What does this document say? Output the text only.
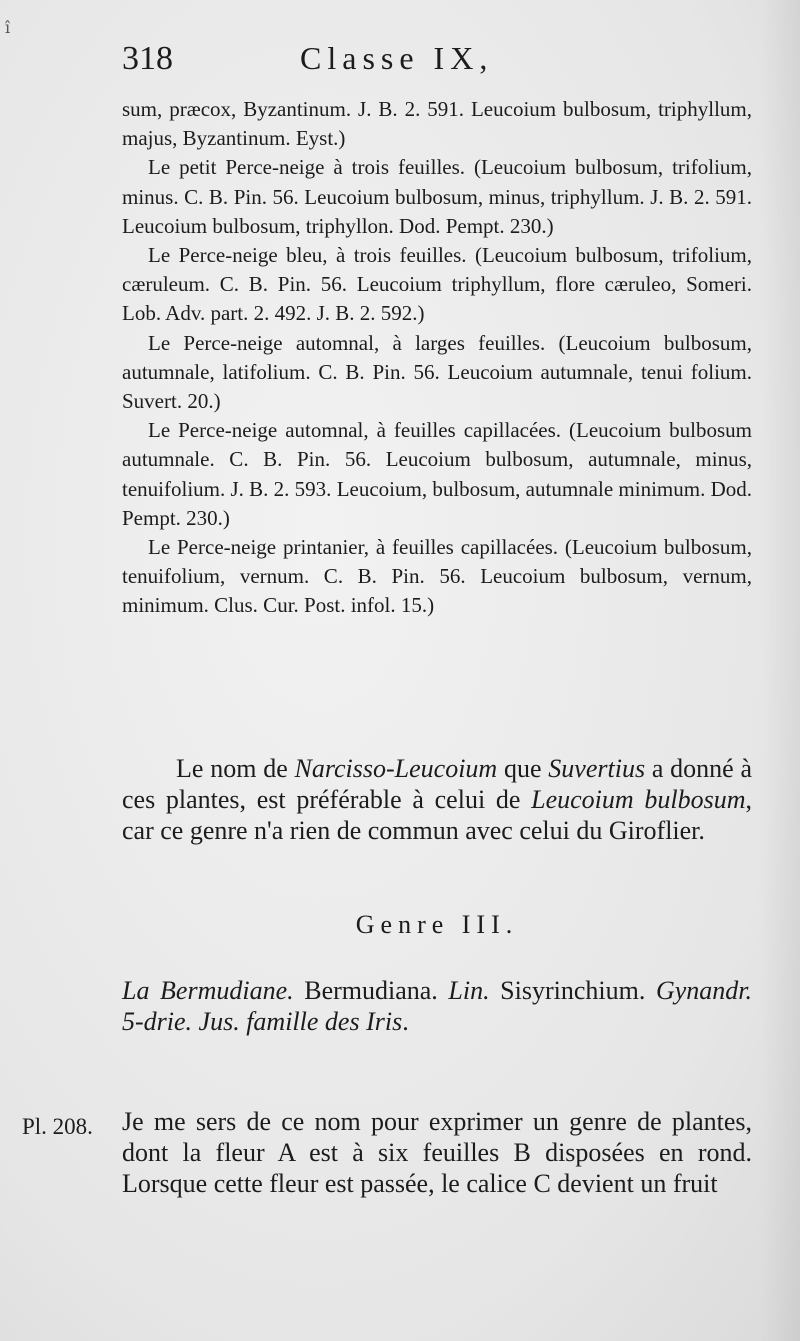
î
318	Classe IX,

sum, præcox, Byzantinum. J. B. 2. 591. Leucoium bulbosum, triphyllum, majus, Byzantinum. Eyst.)

Le petit Perce-neige à trois feuilles. (Leucoium bulbosum, trifolium, minus. C. B. Pin. 56. Leucoium bulbosum, minus, triphyllum. J. B. 2. 591. Leucoium bulbosum, triphyllon. Dod. Pempt. 230.)

Le Perce-neige bleu, à trois feuilles. (Leucoium bulbosum, trifolium, cæruleum. C. B. Pin. 56. Leucoium triphyllum, flore cæruleo, Someri. Lob. Adv. part. 2. 492. J. B. 2. 592.)

Le Perce-neige automnal, à larges feuilles. (Leucoium bulbosum, autumnale, latifolium. C. B. Pin. 56. Leucoium autumnale, tenui folium. Suvert. 20.)

Le Perce-neige automnal, à feuilles capillacées. (Leucoium bulbosum autumnale. C. B. Pin. 56. Leucoium bulbosum, autumnale, minus, tenuifolium. J. B. 2. 593. Leucoium, bulbosum, autumnale minimum. Dod. Pempt. 230.)

Le Perce-neige printanier, à feuilles capillacées. (Leucoium bulbosum, tenuifolium, vernum. C. B. Pin. 56. Leucoium bulbosum, vernum, minimum. Clus. Cur. Post. infol. 15.)

Le nom de Narcisso-Leucoium que Suvertius a donné à ces plantes, est préférable à celui de Leucoium bulbosum, car ce genre n'a rien de commun avec celui du Giroflier.

Genre III.

La Bermudiane. Bermudiana. Lin. Sisyrinchium. Gynandr. 5-drie. Jus. famille des Iris.

Pl. 208. Je me sers de ce nom pour exprimer un genre de plantes, dont la fleur A est à six feuilles B disposées en rond. Lorsque cette fleur est passée, le calice C devient un fruit
